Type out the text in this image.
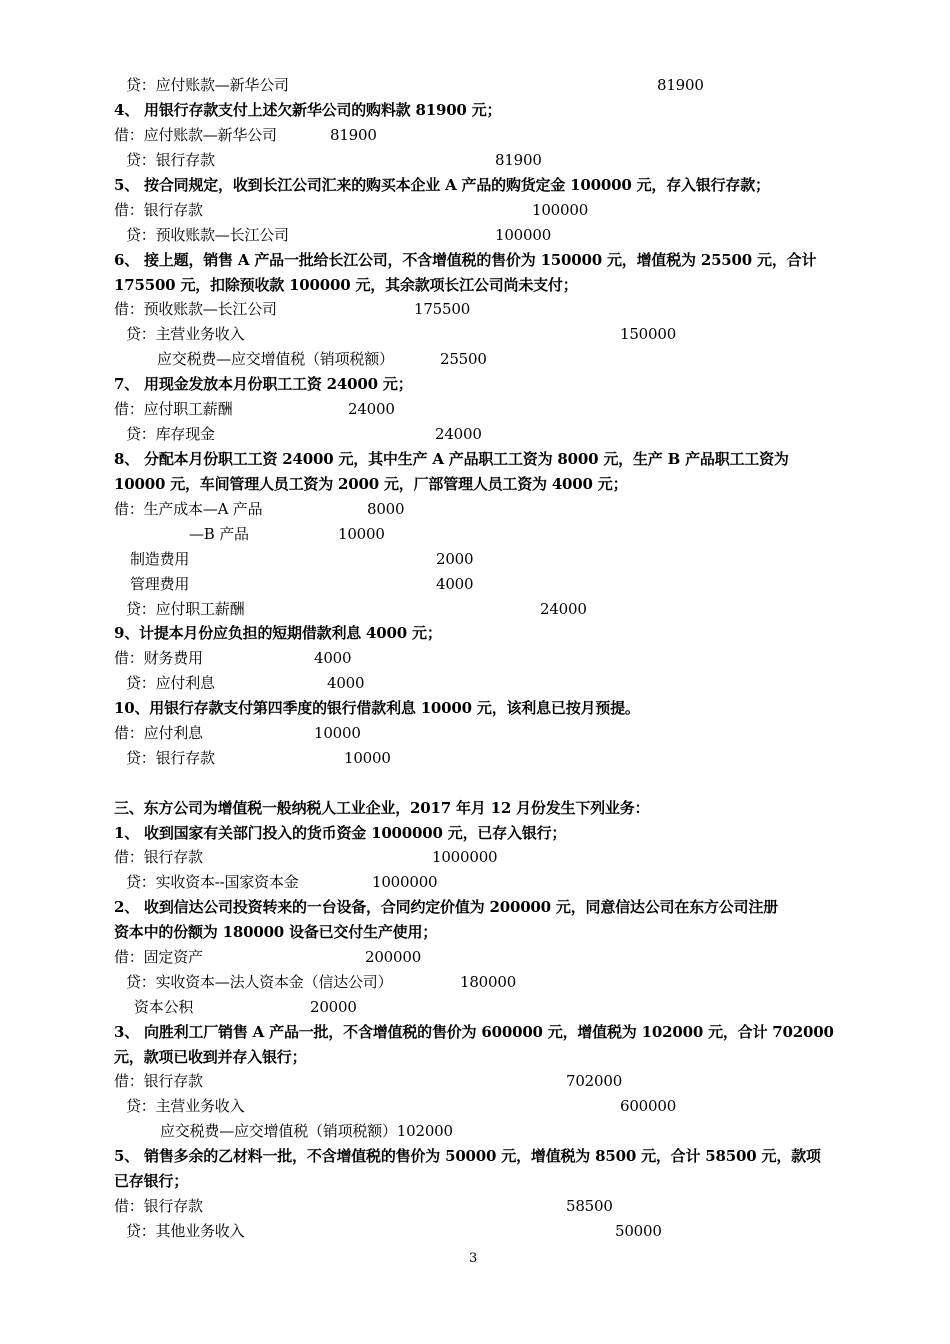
贷：应付账款—新华公司	81900
4、 用银行存款支付上述欠新华公司的购料款 81900 元；
借：应付账款—新华公司	81900
贷：银行存款	81900
5、 按合同规定，收到长江公司汇来的购买本企业 A 产品的购货定金 100000 元，存入银行存款；
借：银行存款	100000
贷：预收账款—长江公司	100000
6、 接上题，销售 A 产品一批给长江公司，不含增值税的售价为 150000 元，增值税为 25500 元，合计
175500 元，扣除预收款 100000 元，其余款项长江公司尚未支付；
借：预收账款—长江公司	175500
贷：主营业务收入	150000
应交税费—应交增值税（销项税额）	25500
7、 用现金发放本月份职工工资 24000 元；
借：应付职工薪酬	24000
贷：库存现金	24000
8、 分配本月份职工工资 24000 元，其中生产 A 产品职工工资为 8000 元，生产 B 产品职工工资为
10000 元，车间管理人员工资为 2000 元，厂部管理人员工资为 4000 元；
借：生产成本—A 产品	8000
—B 产品	10000
制造费用	2000
管理费用	4000
贷：应付职工薪酬	24000
9、计提本月份应负担的短期借款利息 4000 元；
借：财务费用	4000
贷：应付利息	4000
10、用银行存款支付第四季度的银行借款利息 10000 元，该利息已按月预提。
借：应付利息	10000
贷：银行存款	10000
三、东方公司为增值税一般纳税人工业企业，2017 年月 12 月份发生下列业务：
1、 收到国家有关部门投入的货币资金 1000000 元，已存入银行；
借：银行存款	1000000
贷：实收资本--国家资本金	1000000
2、 收到信达公司投资转来的一台设备，合同约定价值为 200000 元，同意信达公司在东方公司注册
资本中的份额为 180000 设备已交付生产使用；
借：固定资产	200000
贷：实收资本—法人资本金（信达公司）	180000
资本公积	20000
3、 向胜利工厂销售 A 产品一批，不含增值税的售价为 600000 元，增值税为 102000 元，合计 702000
元，款项已收到并存入银行；
借：银行存款	702000
贷：主营业务收入	600000
应交税费—应交增值税（销项税额）102000
5、 销售多余的乙材料一批，不含增值税的售价为 50000 元，增值税为 8500 元，合计 58500 元，款项
已存银行；
借：银行存款	58500
贷：其他业务收入	50000
3
